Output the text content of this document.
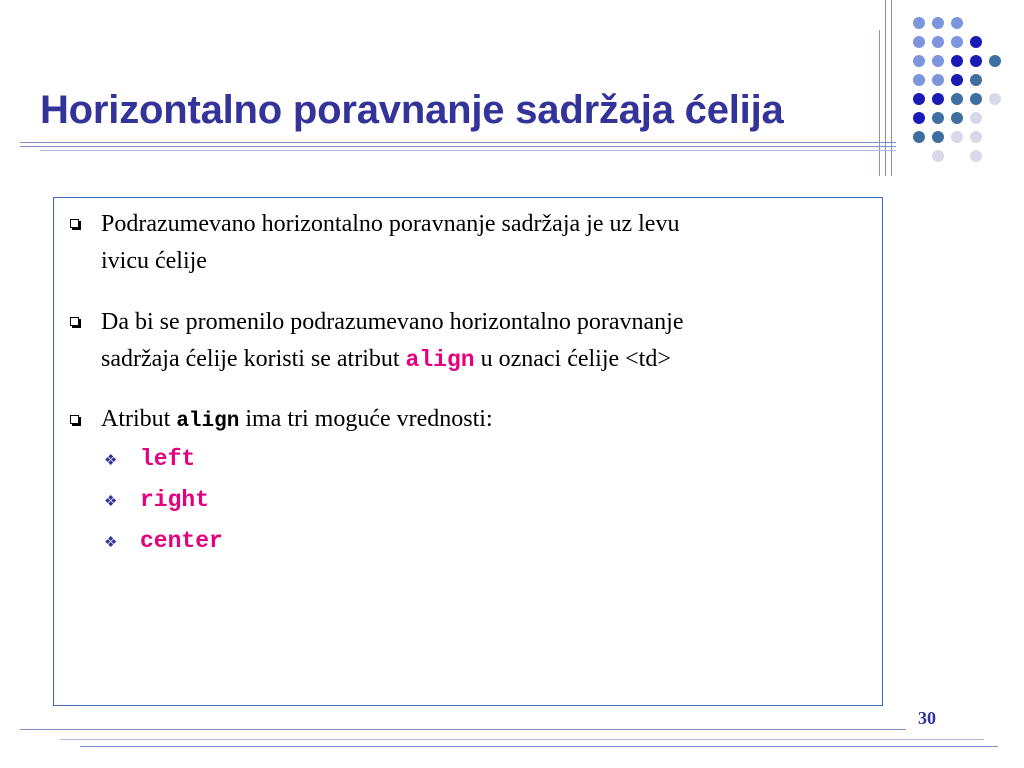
Horizontalno poravnanje sadržaja ćelija
Podrazumevano horizontalno poravnanje sadržaja je uz levu
ivicu ćelije
Da bi se promenilo podrazumevano horizontalno poravnanje
sadržaja ćelije koristi se atribut align u oznaci ćelije <td>
Atribut align ima tri moguće vrednosti:
❖ left
❖ right
❖ center
30
